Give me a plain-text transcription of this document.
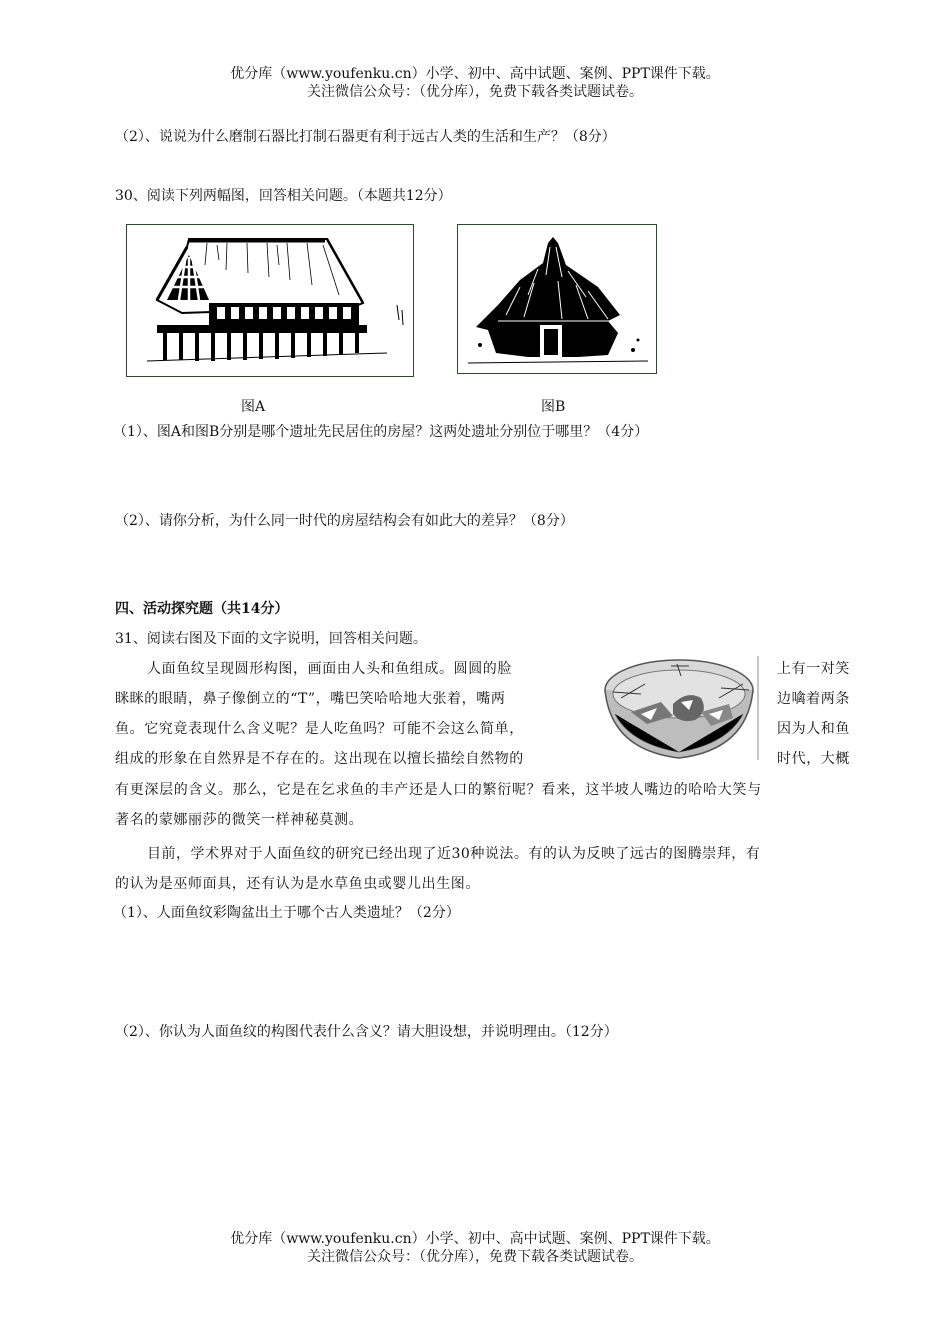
优分库（www.youfenku.cn）小学、初中、高中试题、案例、PPT课件下载。
关注微信公众号：（优分库），免费下载各类试题试卷。
（2）、说说为什么磨制石器比打制石器更有利于远古人类的生活和生产？（8分）
30、阅读下列两幅图，回答相关问题。（本题共12分）
图A	图B
（1）、图A和图B分别是哪个遗址先民居住的房屋？这两处遗址分别位于哪里？（4分）
（2）、请你分析，为什么同一时代的房屋结构会有如此大的差异？（8分）
四、活动探究题（共14分）
31、阅读右图及下面的文字说明，回答相关问题。
人面鱼纹呈现圆形构图，画面由人头和鱼组成。圆圆的脸	上有一对笑
眯眯的眼睛，鼻子像倒立的“T”，嘴巴笑哈哈地大张着，嘴两	边噙着两条
鱼。它究竟表现什么含义呢？是人吃鱼吗？可能不会这么简单，	因为人和鱼
组成的形象在自然界是不存在的。这出现在以擅长描绘自然物的	时代，大概
有更深层的含义。那么，它是在乞求鱼的丰产还是人口的繁衍呢？看来，这半坡人嘴边的哈哈大笑与
著名的蒙娜丽莎的微笑一样神秘莫测。
目前，学术界对于人面鱼纹的研究已经出现了近30种说法。有的认为反映了远古的图腾崇拜，有
的认为是巫师面具，还有认为是水草鱼虫或婴儿出生图。
（1）、人面鱼纹彩陶盆出土于哪个古人类遗址？（2分）
（2）、你认为人面鱼纹的构图代表什么含义？请大胆设想，并说明理由。（12分）
优分库（www.youfenku.cn）小学、初中、高中试题、案例、PPT课件下载。
关注微信公众号：（优分库），免费下载各类试题试卷。
